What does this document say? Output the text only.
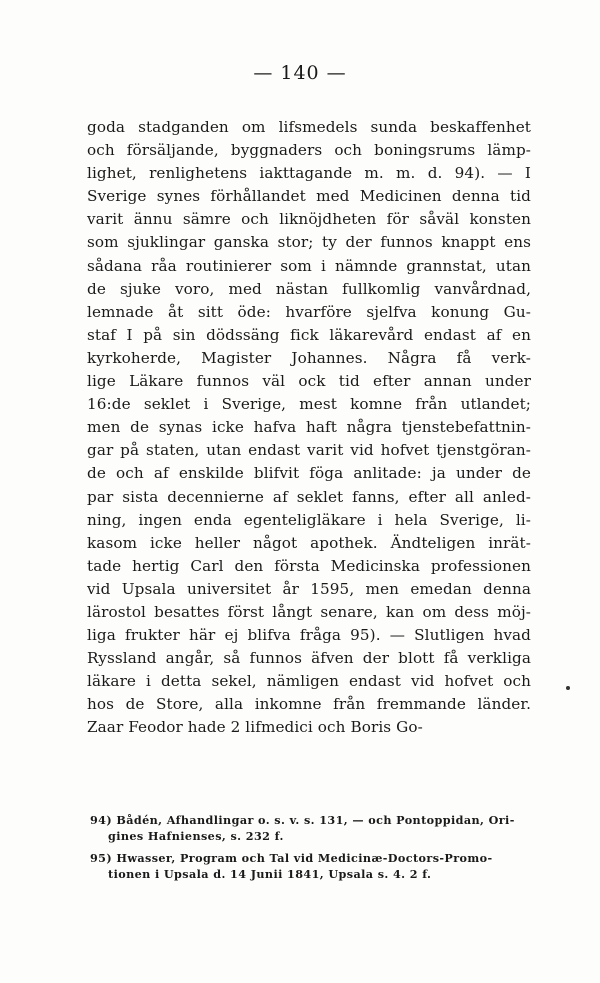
— 140 —
goda stadganden om lifsmedels sunda beskaffenhet
och försäljande, byggnaders och boningsrums lämp-
lighet, renlighetens iakttagande m. m. d. 94). — I
Sverige synes förhållandet med Medicinen denna tid
varit ännu sämre och liknöjdheten för såväl konsten
som sjuklingar ganska stor; ty der funnos knappt ens
sådana råa routinierer som i nämnde grannstat, utan
de sjuke voro, med nästan fullkomlig vanvårdnad,
lemnade åt sitt öde: hvarföre sjelfva konung Gu-
staf I på sin dödssäng fick läkarevård endast af en
kyrkoherde, Magister Johannes. Några få verk-
lige Läkare funnos väl ock tid efter annan under
16:de seklet i Sverige, mest komne från utlandet;
men de synas icke hafva haft några tjenstebefattnin-
gar på staten, utan endast varit vid hofvet tjenstgöran-
de och af enskilde blifvit föga anlitade: ja under de
par sista decennierne af seklet fanns, efter all anled-
ning, ingen enda egenteligläkare i hela Sverige, li-
kasom icke heller något apothek. Ändteligen inrät-
tade hertig Carl den första Medicinska professionen
vid Upsala universitet år 1595, men emedan denna
lärostol besattes först långt senare, kan om dess möj-
liga frukter här ej blifva fråga 95). — Slutligen hvad
Ryssland angår, så funnos äfven der blott få verkliga
läkare i detta sekel, nämligen endast vid hofvet och
hos de Store, alla inkomne från fremmande länder.
Zaar Feodor hade 2 lifmedici och Boris Go-
94) Bådén, Afhandlingar o. s. v. s. 131, — och Pontoppidan, Ori-
gines Hafnienses, s. 232 f.
95) Hwasser, Program och Tal vid Medicinæ-Doctors-Promo-
tionen i Upsala d. 14 Junii 1841, Upsala s. 4. 2 f.
